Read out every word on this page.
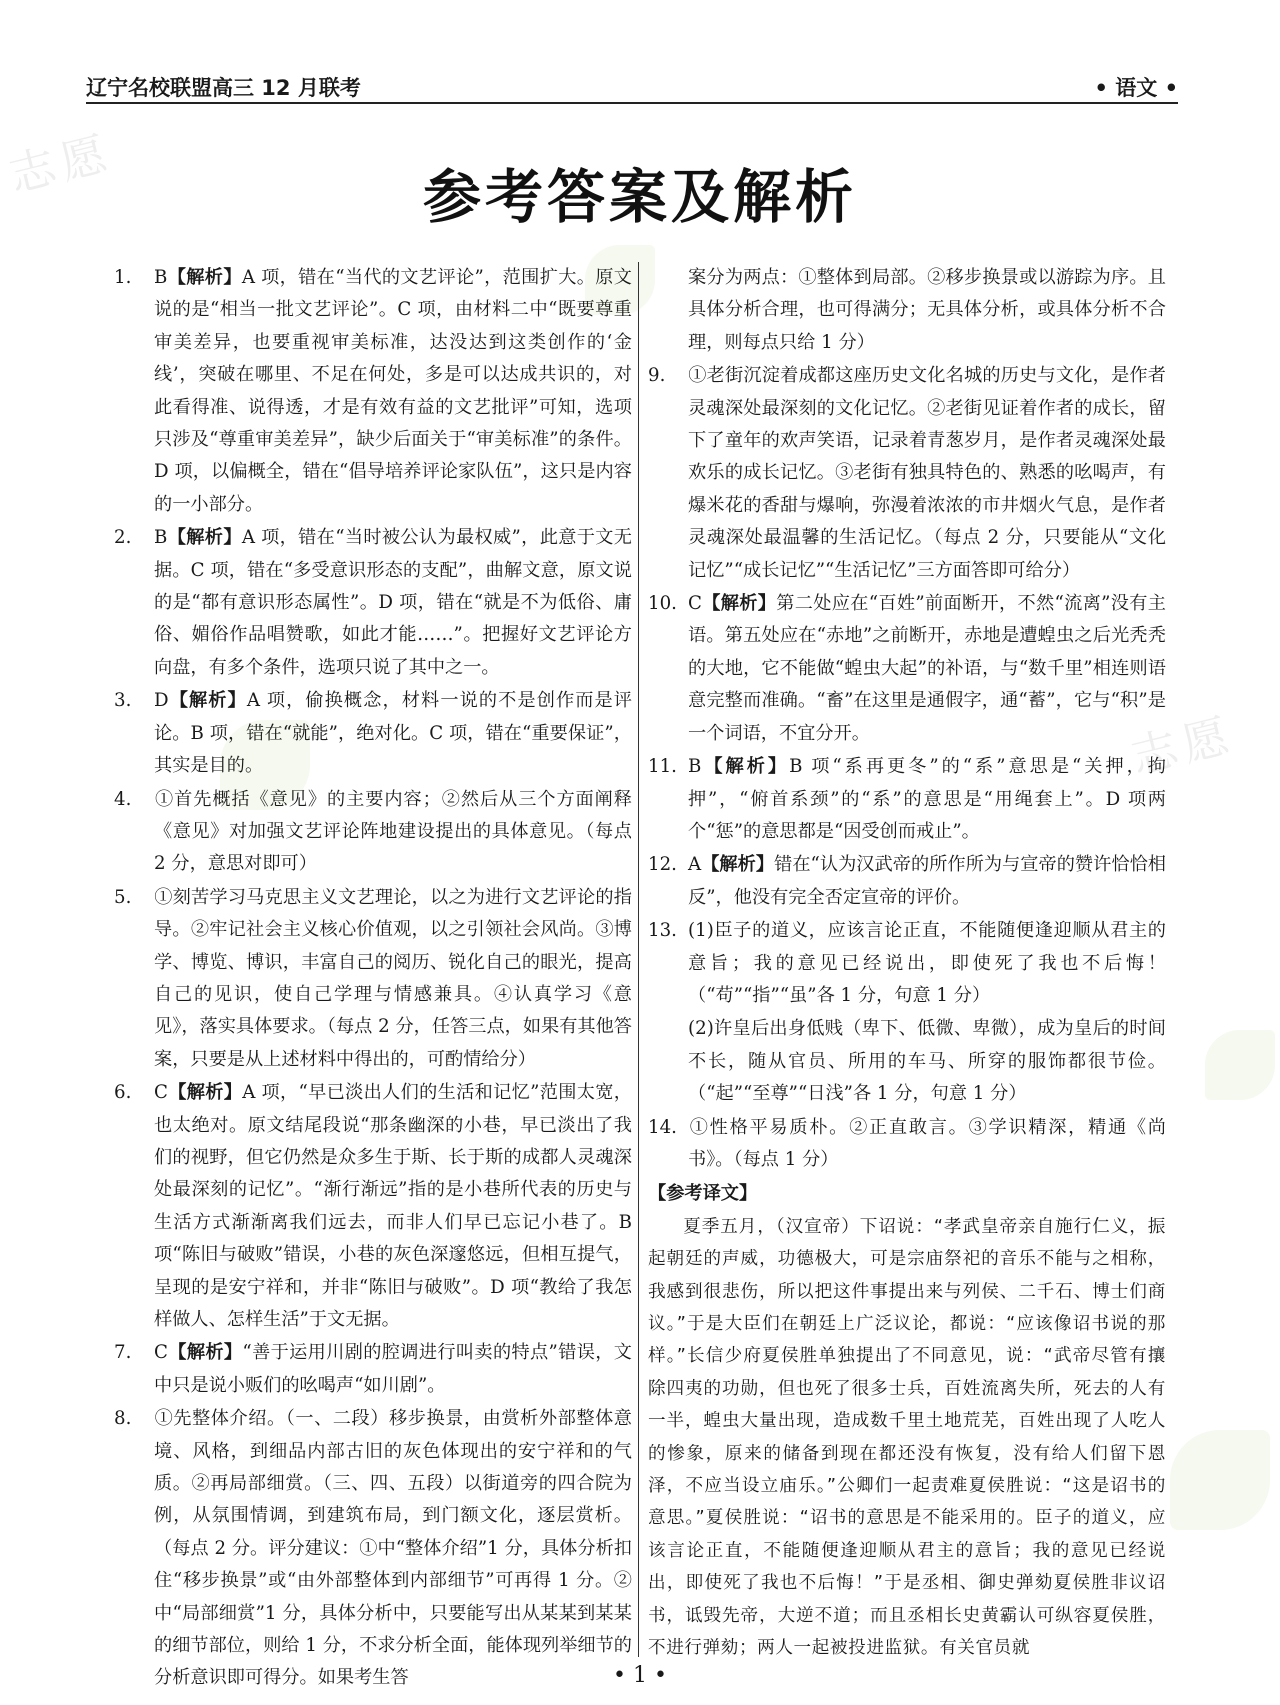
志愿
志愿
辽宁名校联盟高三 12 月联考	• 语文 •
参考答案及解析
1. B【解析】A 项，错在“当代的文艺评论”，范围扩大。原文说的是“相当一批文艺评论”。C 项，由材料二中“既要尊重审美差异，也要重视审美标准，达没达到这类创作的‘金线’，突破在哪里、不足在何处，多是可以达成共识的，对此看得准、说得透，才是有效有益的文艺批评”可知，选项只涉及“尊重审美差异”，缺少后面关于“审美标准”的条件。D 项，以偏概全，错在“倡导培养评论家队伍”，这只是内容的一小部分。
2. B【解析】A 项，错在“当时被公认为最权威”，此意于文无据。C 项，错在“多受意识形态的支配”，曲解文意，原文说的是“都有意识形态属性”。D 项，错在“就是不为低俗、庸俗、媚俗作品唱赞歌，如此才能……”。把握好文艺评论方向盘，有多个条件，选项只说了其中之一。
3. D【解析】A 项，偷换概念，材料一说的不是创作而是评论。B 项，错在“就能”，绝对化。C 项，错在“重要保证”，其实是目的。
4. ①首先概括《意见》的主要内容；②然后从三个方面阐释《意见》对加强文艺评论阵地建设提出的具体意见。（每点 2 分，意思对即可）
5. ①刻苦学习马克思主义文艺理论，以之为进行文艺评论的指导。②牢记社会主义核心价值观，以之引领社会风尚。③博学、博览、博识，丰富自己的阅历、锐化自己的眼光，提高自己的见识，使自己学理与情感兼具。④认真学习《意见》，落实具体要求。（每点 2 分，任答三点，如果有其他答案，只要是从上述材料中得出的，可酌情给分）
6. C【解析】A 项，“早已淡出人们的生活和记忆”范围太宽，也太绝对。原文结尾段说“那条幽深的小巷，早已淡出了我们的视野，但它仍然是众多生于斯、长于斯的成都人灵魂深处最深刻的记忆”。“渐行渐远”指的是小巷所代表的历史与生活方式渐渐离我们远去，而非人们早已忘记小巷了。B 项“陈旧与破败”错误，小巷的灰色深邃悠远，但相互提气，呈现的是安宁祥和，并非“陈旧与破败”。D 项“教给了我怎样做人、怎样生活”于文无据。
7. C【解析】“善于运用川剧的腔调进行叫卖的特点”错误，文中只是说小贩们的吆喝声“如川剧”。
8. ①先整体介绍。（一、二段）移步换景，由赏析外部整体意境、风格，到细品内部古旧的灰色体现出的安宁祥和的气质。②再局部细赏。（三、四、五段）以街道旁的四合院为例，从氛围情调，到建筑布局，到门额文化，逐层赏析。（每点 2 分。评分建议：①中“整体介绍”1 分，具体分析扣住“移步换景”或“由外部整体到内部细节”可再得 1 分。②中“局部细赏”1 分，具体分析中，只要能写出从某某到某某的细节部位，则给 1 分，不求分析全面，能体现列举细节的分析意识即可得分。如果考生答
案分为两点：①整体到局部。②移步换景或以游踪为序。且具体分析合理，也可得满分；无具体分析，或具体分析不合理，则每点只给 1 分）
9. ①老街沉淀着成都这座历史文化名城的历史与文化，是作者灵魂深处最深刻的文化记忆。②老街见证着作者的成长，留下了童年的欢声笑语，记录着青葱岁月，是作者灵魂深处最欢乐的成长记忆。③老街有独具特色的、熟悉的吆喝声，有爆米花的香甜与爆响，弥漫着浓浓的市井烟火气息，是作者灵魂深处最温馨的生活记忆。（每点 2 分，只要能从“文化记忆”“成长记忆”“生活记忆”三方面答即可给分）
10. C【解析】第二处应在“百姓”前面断开，不然“流离”没有主语。第五处应在“赤地”之前断开，赤地是遭蝗虫之后光秃秃的大地，它不能做“蝗虫大起”的补语，与“数千里”相连则语意完整而准确。“畜”在这里是通假字，通“蓄”，它与“积”是一个词语，不宜分开。
11. B【解析】B 项“系再更冬”的“系”意思是“关押，拘押”，“俯首系颈”的“系”的意思是“用绳套上”。D 项两个“惩”的意思都是“因受创而戒止”。
12. A【解析】错在“认为汉武帝的所作所为与宣帝的赞许恰恰相反”，他没有完全否定宣帝的评价。
13. (1)臣子的道义，应该言论正直，不能随便逢迎顺从君主的意旨；我的意见已经说出，即使死了我也不后悔！（“苟”“指”“虽”各 1 分，句意 1 分）
(2)许皇后出身低贱（卑下、低微、卑微），成为皇后的时间不长，随从官员、所用的车马、所穿的服饰都很节俭。（“起”“至尊”“日浅”各 1 分，句意 1 分）
14. ①性格平易质朴。②正直敢言。③学识精深，精通《尚书》。（每点 1 分）
【参考译文】
夏季五月，（汉宣帝）下诏说：“孝武皇帝亲自施行仁义，振起朝廷的声威，功德极大，可是宗庙祭祀的音乐不能与之相称，我感到很悲伤，所以把这件事提出来与列侯、二千石、博士们商议。”于是大臣们在朝廷上广泛议论，都说：“应该像诏书说的那样。”长信少府夏侯胜单独提出了不同意见，说：“武帝尽管有攘除四夷的功勋，但也死了很多士兵，百姓流离失所，死去的人有一半，蝗虫大量出现，造成数千里土地荒芜，百姓出现了人吃人的惨象，原来的储备到现在都还没有恢复，没有给人们留下恩泽，不应当设立庙乐。”公卿们一起责难夏侯胜说：“这是诏书的意思。”夏侯胜说：“诏书的意思是不能采用的。臣子的道义，应该言论正直，不能随便逢迎顺从君主的意旨；我的意见已经说出，即使死了我也不后悔！”于是丞相、御史弹劾夏侯胜非议诏书，诋毁先帝，大逆不道；而且丞相长史黄霸认可纵容夏侯胜，不进行弹劾；两人一起被投进监狱。有关官员就
• 1 •
